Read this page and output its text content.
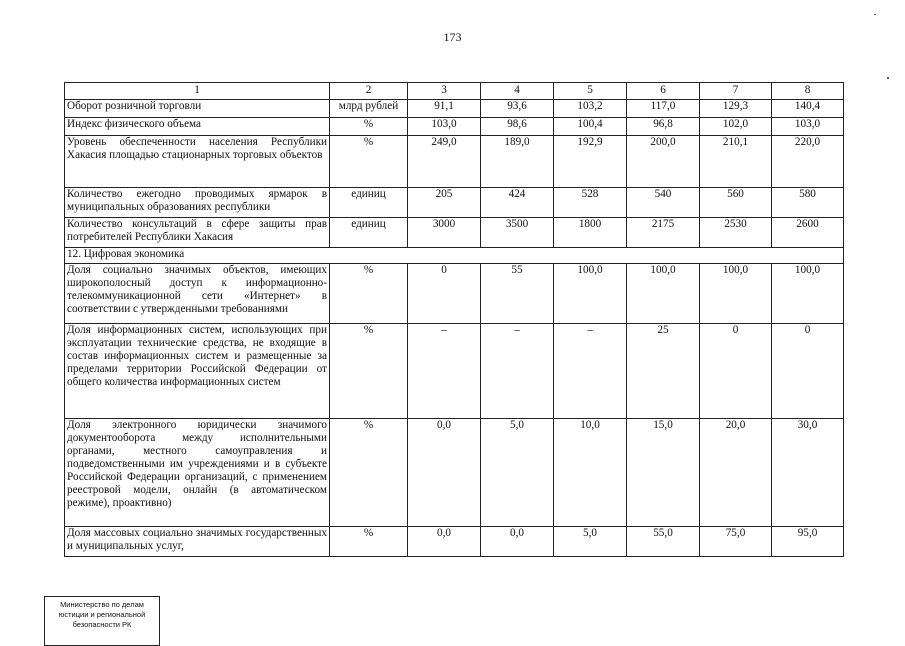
173
1	2	3	4	5	6	7	8
Оборот розничной торговли	млрд рублей	91,1	93,6	103,2	117,0	129,3	140,4
Индекс физического объема	%	103,0	98,6	100,4	96,8	102,0	103,0
Уровень обеспеченности населения Республики Хакасия площадью стационарных торговых объектов	%	249,0	189,0	192,9	200,0	210,1	220,0
Количество ежегодно проводимых ярмарок в муниципальных образованиях республики	единиц	205	424	528	540	560	580
Количество консультаций в сфере защиты прав потребителей Республики Хакасия	единиц	3000	3500	1800	2175	2530	2600
12. Цифровая экономика							
Доля социально значимых объектов, имеющих широкополосный доступ к информационно-телекоммуникационной сети «Интернет» в соответствии с утвержденными требованиями	%	0	55	100,0	100,0	100,0	100,0
Доля информационных систем, использующих при эксплуатации технические средства, не входящие в состав информационных систем и размещенные за пределами территории Российской Федерации от общего количества информационных систем	%	–	–	–	25	0	0
Доля электронного юридически значимого документооборота между исполнительными органами, местного самоуправления и подведомственными им учреждениями и в субъекте Российской Федерации организаций, с применением реестровой модели, онлайн (в автоматическом режиме), проактивно)	%	0,0	5,0	10,0	15,0	20,0	30,0
Доля массовых социально значимых государственных и муниципальных услуг,	%	0,0	0,0	5,0	55,0	75,0	95,0
Министерство по делам
юстиции и региональной
безопасности РК
